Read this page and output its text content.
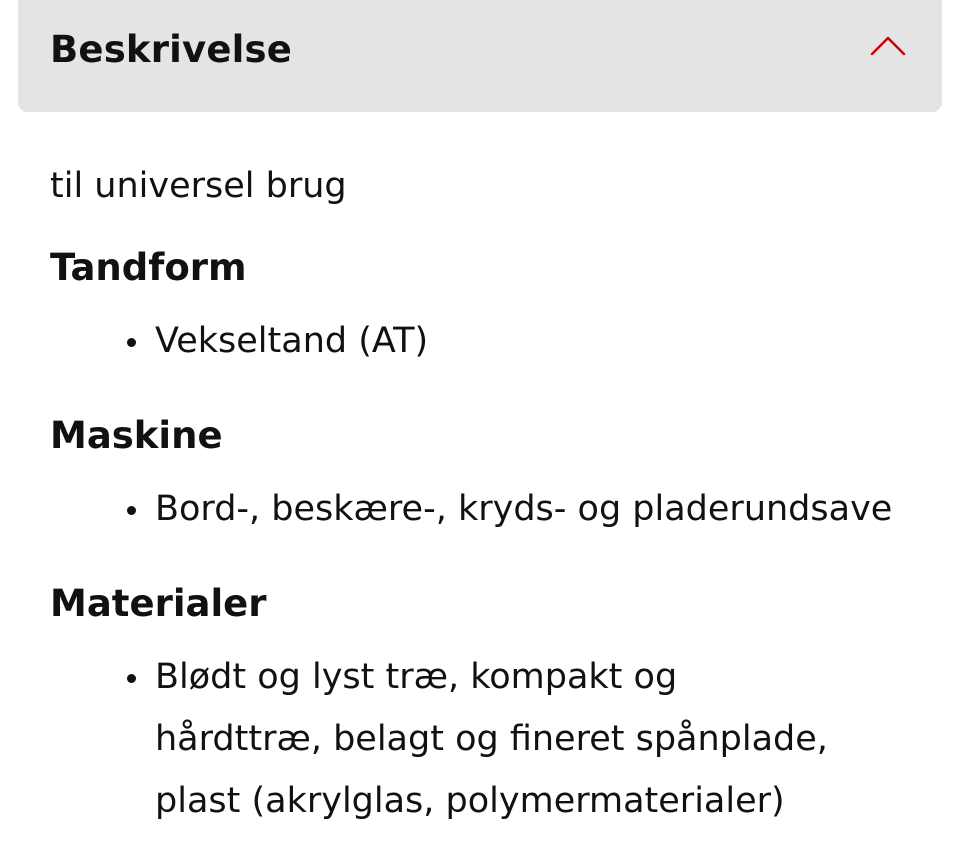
Beskrivelse
til universel brug
Tandform
Vekseltand (AT)
Maskine
Bord-, beskære-, kryds- og pladerundsave
Materialer
Blødt og lyst træ, kompakt og hårdttræ, belagt og fineret spånplade, plast (akrylglas, polymermaterialer)
